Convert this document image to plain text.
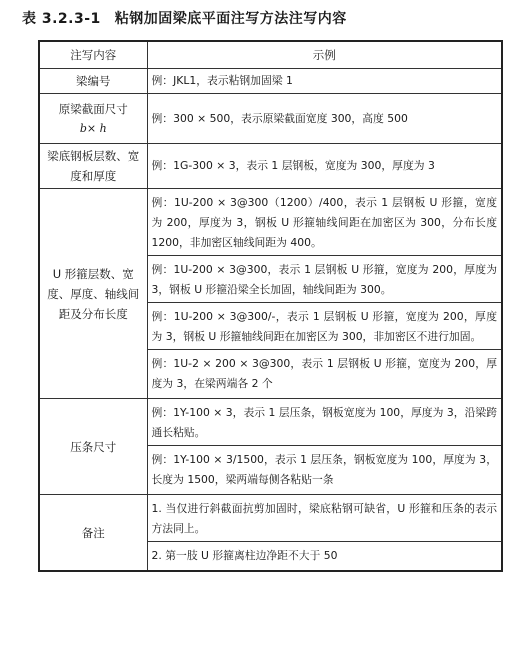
表 3.2.3-1 粘钢加固梁底平面注写方法注写内容
注写内容	示例
梁编号	例：JKL1，表示粘钢加固梁 1
原梁截面尺寸
b× h	例：300 × 500，表示原梁截面宽度 300，高度 500
梁底钢板层数、宽度和厚度	例：1G-300 × 3，表示 1 层钢板，宽度为 300，厚度为 3
U 形箍层数、宽度、厚度、轴线间距及分布长度	例：1U-200 × 3@300（1200）/400，表示 1 层钢板 U 形箍，宽度为 200，厚度为 3，钢板 U 形箍轴线间距在加密区为 300，分布长度 1200，非加密区轴线间距为 400。
例：1U-200 × 3@300，表示 1 层钢板 U 形箍，宽度为 200，厚度为 3，钢板 U 形箍沿梁全长加固，轴线间距为 300。
例：1U-200 × 3@300/-，表示 1 层钢板 U 形箍，宽度为 200，厚度为 3，钢板 U 形箍轴线间距在加密区为 300，非加密区不进行加固。
例：1U-2 × 200 × 3@300，表示 1 层钢板 U 形箍，宽度为 200，厚度为 3，在梁两端各 2 个

压条尺寸	例：1Y-100 × 3，表示 1 层压条，钢板宽度为 100，厚度为 3，沿梁跨通长粘贴。
例：1Y-100 × 3/1500，表示 1 层压条，钢板宽度为 100，厚度为 3，长度为 1500，梁两端每侧各粘贴一条

备注	1. 当仅进行斜截面抗剪加固时，梁底粘钢可缺省，U 形箍和压条的表示方法同上。
2. 第一肢 U 形箍离柱边净距不大于 50
